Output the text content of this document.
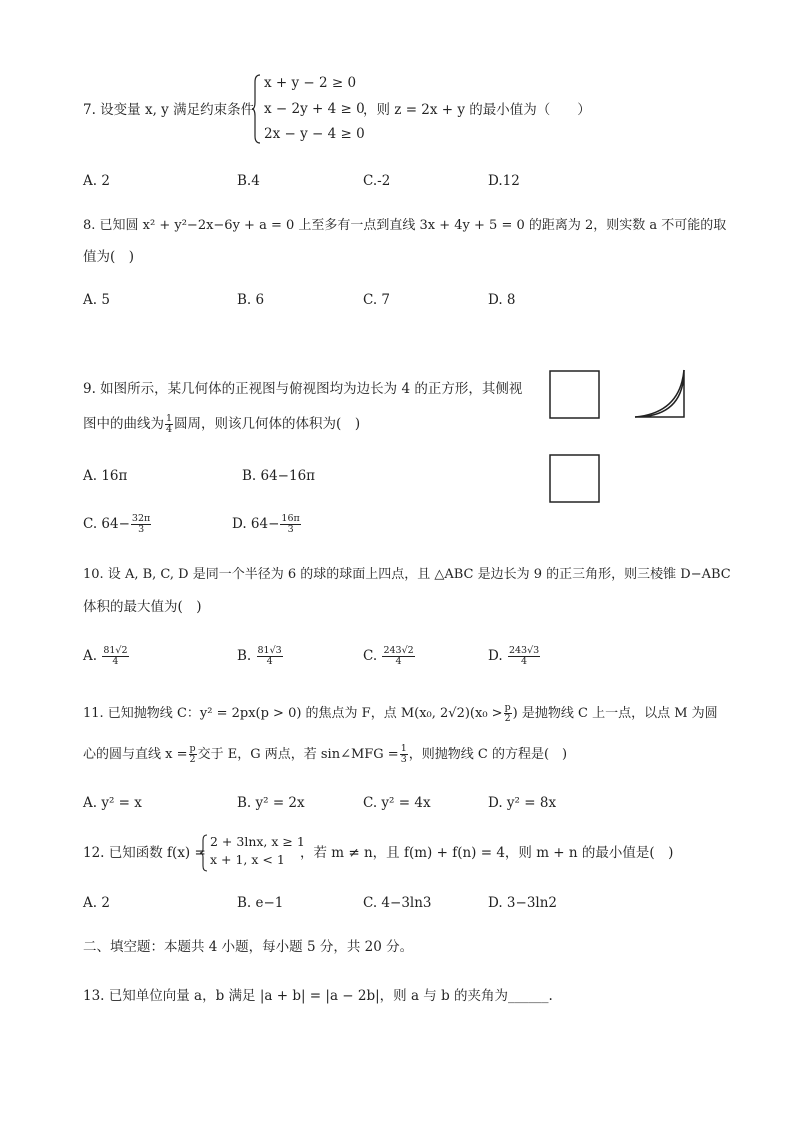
7. 设变量 x, y 满足约束条件
x + y − 2 ≥ 0
x − 2y + 4 ≥ 0
2x − y − 4 ≥ 0
，则 z = 2x + y 的最小值为（　　）
A. 2	B.4	C.-2	D.12
8. 已知圆 x² + y²−2x−6y + a = 0 上至多有一点到直线 3x + 4y + 5 = 0 的距离为 2，则实数 a 不可能的取
值为(　)
A. 5	B. 6	C. 7	D. 8
9. 如图所示，某几何体的正视图与俯视图均为边长为 4 的正方形，其侧视
图中的曲线为 $\frac{1}{4}$ 圆周，则该几何体的体积为(　)
A. 16π	B. 64−16π
C. $64- \frac{32\pi}{3}$	D. $64- \frac{16\pi}{3}$
10. 设 A, B, C, D 是同一个半径为 6 的球的球面上四点，且 △ABC 是边长为 9 的正三角形，则三棱锥 D−ABC
体积的最大值为(　)
A. $\frac{81√2}{4}$	B. $\frac{81√3}{4}$	C. $\frac{243√2}{4}$	D. $\frac{243√3}{4}$
11. 已知抛物线 C：y² = 2px(p > 0) 的焦点为 F，点 M(x₀, $2√2)(x_0 > \frac{p}{2}$ ) 是抛物线 C 上一点，以点 M 为圆
心的圆与直线 $x = \frac{p}{2}$ 交于 E，G 两点，若 sin∠MFG = $\frac{1}{3}$ ，则抛物线 C 的方程是(　)
A. y² = x	B. y² = 2x	C. y² = 4x	D. y² = 8x
12. 已知函数 f(x) =
2 + 3lnx, x ≥ 1
x + 1, x < 1 ，若 m ≠ n，且 f(m) + f(n) = 4，则 m + n 的最小值是(　)
A. 2	B. e−1	C. 4−3ln3	D. 3−3ln2
二、填空题：本题共 4 小题，每小题 5 分，共 20 分。
13. 已知单位向量 a，b 满足 |a + b| = |a − 2b|，则 a 与 b 的夹角为______.
